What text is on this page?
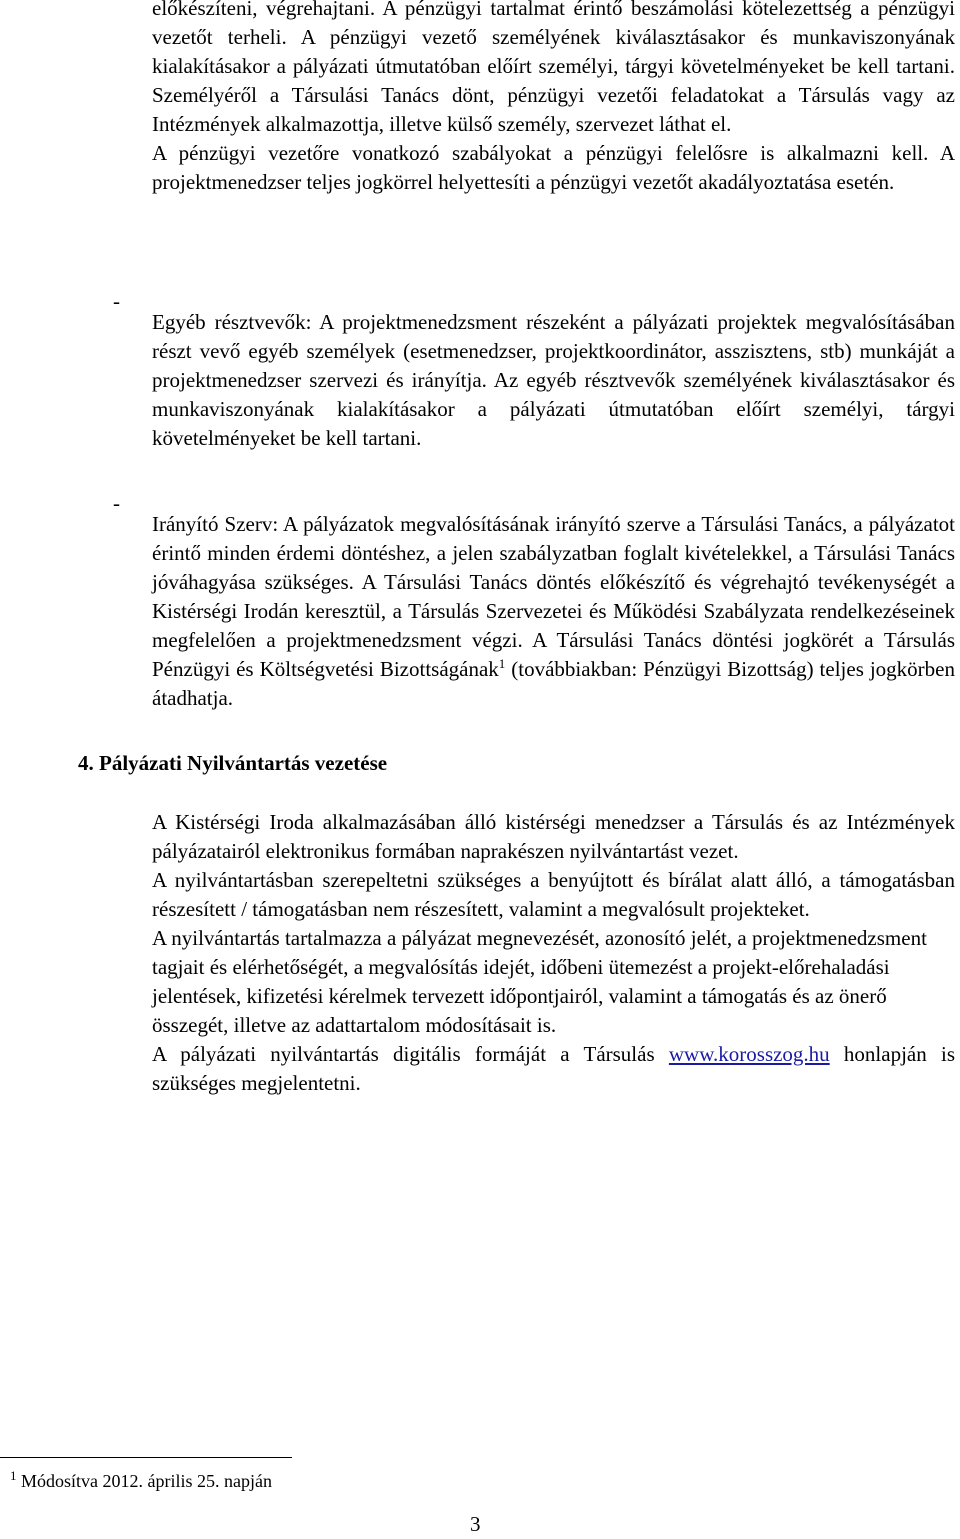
előkészíteni, végrehajtani. A pénzügyi tartalmat érintő beszámolási kötelezettség a pénzügyi vezetőt terheli. A pénzügyi vezető személyének kiválasztásakor és munkaviszonyának kialakításakor a pályázati útmutatóban előírt személyi, tárgyi követelményeket be kell tartani. Személyéről a Társulási Tanács dönt, pénzügyi vezetői feladatokat a Társulás vagy az Intézmények alkalmazottja, illetve külső személy, szervezet láthat el.

A pénzügyi vezetőre vonatkozó szabályokat a pénzügyi felelősre is alkalmazni kell. A projektmenedzser teljes jogkörrel helyettesíti a pénzügyi vezetőt akadályoztatása esetén.

-

Egyéb résztvevők: A projektmenedzsment részeként a pályázati projektek megvalósításában részt vevő egyéb személyek (esetmenedzser, projektkoordinátor, asszisztens, stb) munkáját a projektmenedzser szervezi és irányítja. Az egyéb résztvevők személyének kiválasztásakor és munkaviszonyának kialakításakor a pályázati útmutatóban előírt személyi, tárgyi követelményeket be kell tartani.

-

Irányító Szerv: A pályázatok megvalósításának irányító szerve a Társulási Tanács, a pályázatot érintő minden érdemi döntéshez, a jelen szabályzatban foglalt kivételekkel, a Társulási Tanács jóváhagyása szükséges. A Társulási Tanács döntés előkészítő és végrehajtó tevékenységét a Kistérségi Irodán keresztül, a Társulás Szervezetei és Működési Szabályzata rendelkezéseinek megfelelően a projektmenedzsment végzi. A Társulási Tanács döntési jogkörét a Társulás Pénzügyi és Költségvetési Bizottságának$^1$ (továbbiakban: Pénzügyi Bizottság) teljes jogkörben átadhatja.

4. Pályázati Nyilvántartás vezetése

A Kistérségi Iroda alkalmazásában álló kistérségi menedzser a Társulás és az Intézmények pályázatairól elektronikus formában naprakészen nyilvántartást vezet.

A nyilvántartásban szerepeltetni szükséges a benyújtott és bírálat alatt álló, a támogatásban részesített / támogatásban nem részesített, valamint a megvalósult projekteket.

A nyilvántartás tartalmazza a pályázat megnevezését, azonosító jelét, a projektmenedzsment tagjait és elérhetőségét, a megvalósítás idejét, időbeni ütemezést a projekt-előrehaladási jelentések, kifizetési kérelmek tervezett időpontjairól, valamint a támogatás és az önerő összegét, illetve az adattartalom módosításait is.

A pályázati nyilvántartás digitális formáját a Társulás www.korosszog.hu honlapján is szükséges megjelentetni.

$^1$ Módosítva 2012. április 25. napján
3
